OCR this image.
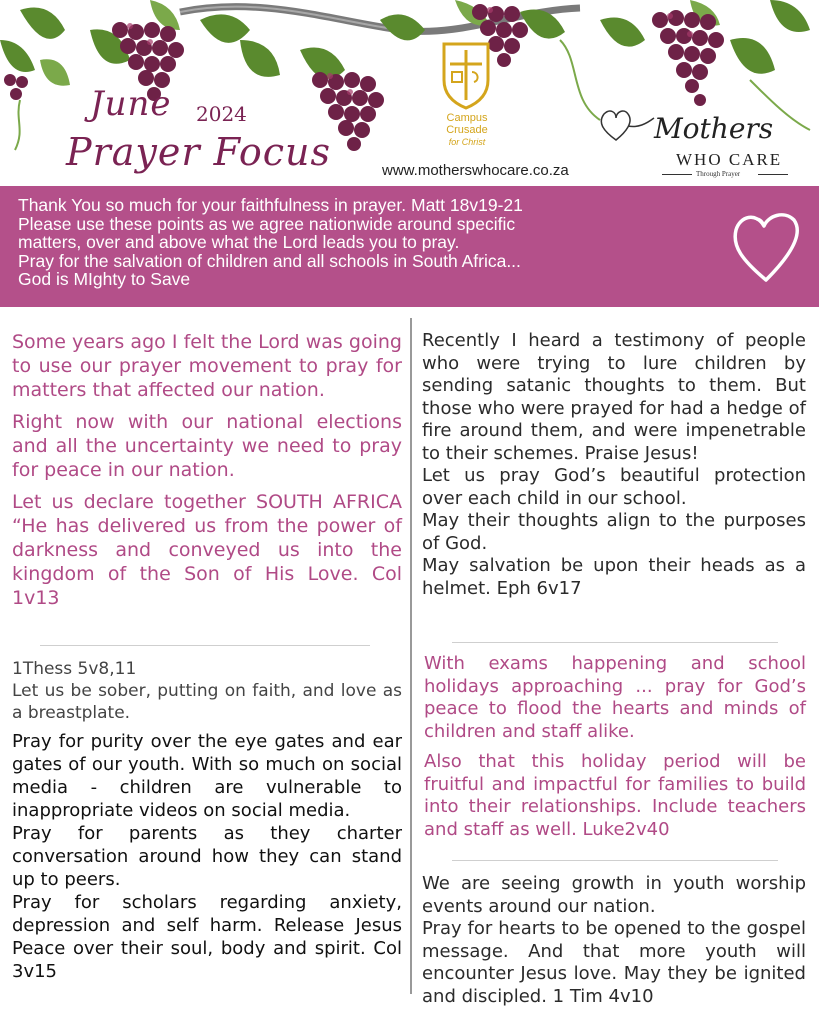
June 2024
Prayer Focus
Campus
Crusade
for Christ
www.motherswhocare.co.za
Mothers
WHO CARE
Through Prayer
Thank You so much for your faithfulness in prayer. Matt 18v19-21
Please use these points as we agree nationwide around specific
matters, over and above what the Lord leads you to pray.
Pray for the salvation of children and all schools in South Africa...
God is MIghty to Save

Some years ago I felt the Lord was going to use our prayer movement to pray for matters that affected our nation.

Right now with our national elections and all the uncertainty we need to pray for peace in our nation.

Let us declare together SOUTH AFRICA “He has delivered us from the power of darkness and conveyed us into the kingdom of the Son of His Love. Col 1v13

1Thess 5v8,11

Let us be sober, putting on faith, and love as a breastplate.

Pray for purity over the eye gates and ear gates of our youth. With so much on social media - children are vulnerable to inappropriate videos on social media.

Pray for parents as they charter conversation around how they can stand up to peers.

Pray for scholars regarding anxiety, depression and self harm. Release Jesus Peace over their soul, body and spirit. Col 3v15

Recently I heard a testimony of people who were trying to lure children by sending satanic thoughts to them. But those who were prayed for had a hedge of fire around them, and were impenetrable to their schemes. Praise Jesus!

Let us pray God’s beautiful protection over each child in our school.

May their thoughts align to the purposes of God.

May salvation be upon their heads as a helmet. Eph 6v17

With exams happening and school holidays approaching ... pray for God’s peace to flood the hearts and minds of children and staff alike.

Also that this holiday period will be fruitful and impactful for families to build into their relationships. Include teachers and staff as well. Luke2v40

We are seeing growth in youth worship events around our nation.

Pray for hearts to be opened to the gospel message. And that more youth will encounter Jesus love. May they be ignited and discipled. 1 Tim 4v10
